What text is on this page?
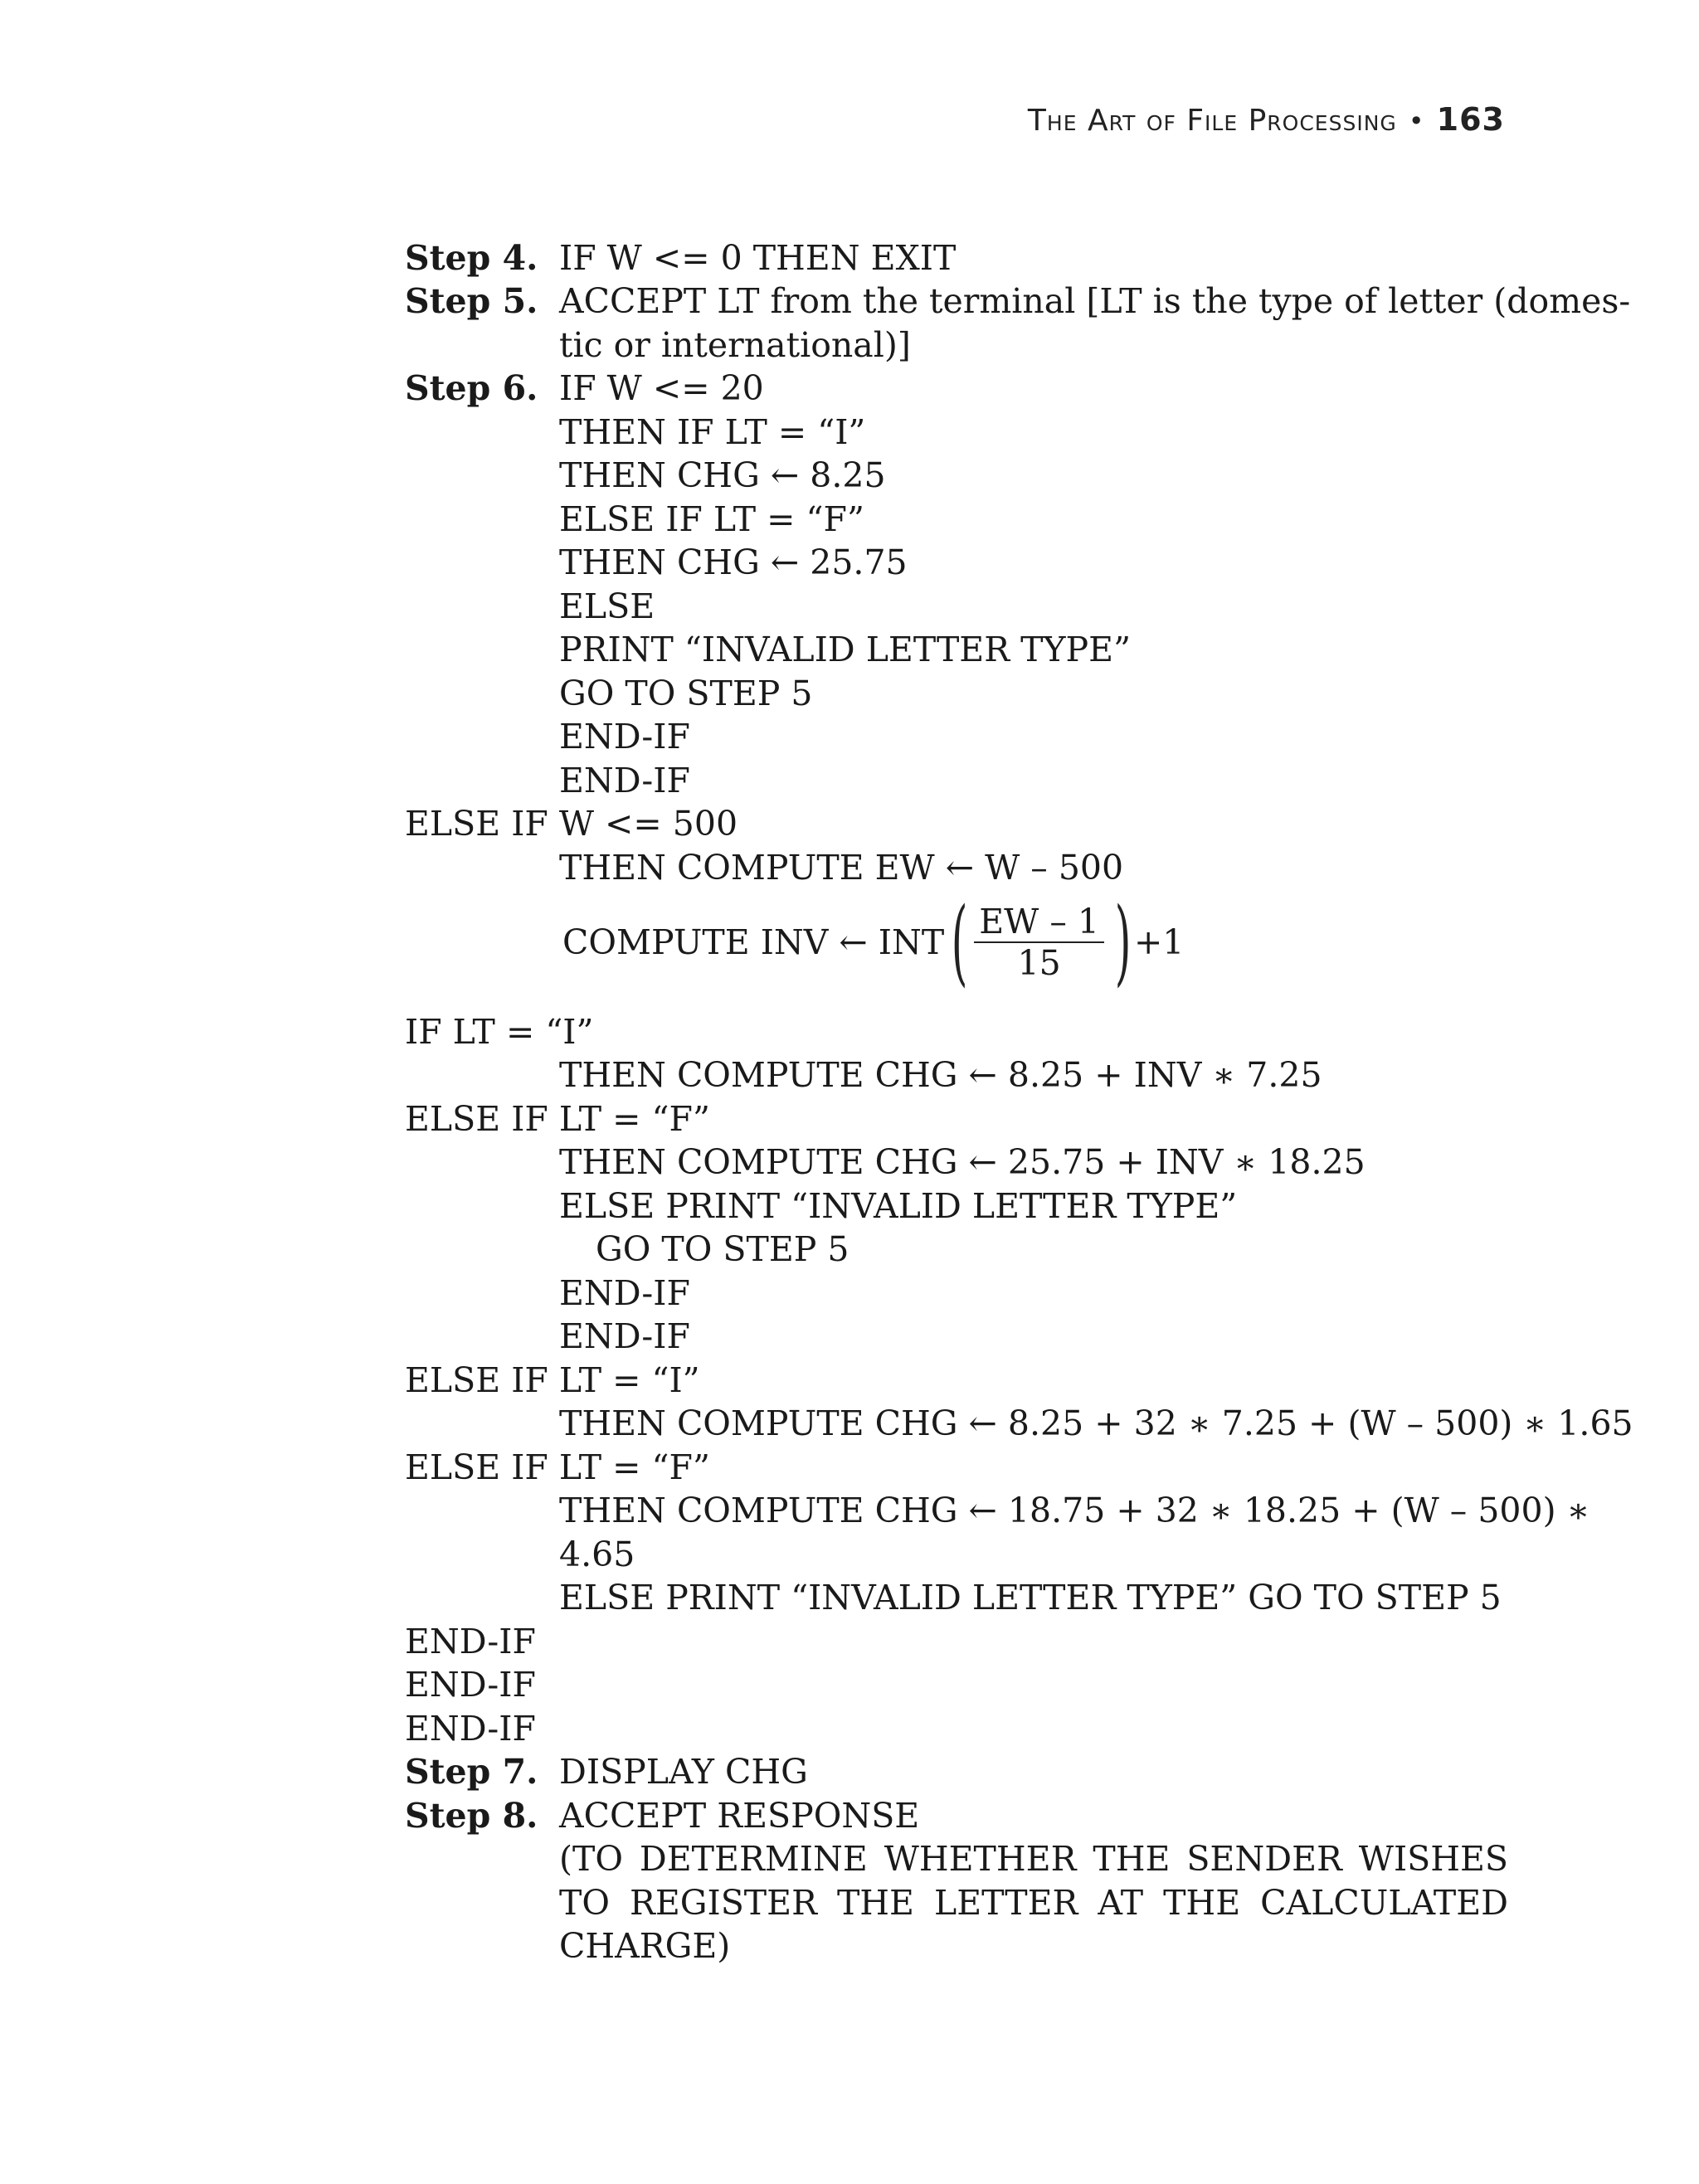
The Art of File Processing • 163
Step 4. IF W <= 0 THEN EXIT
Step 5. ACCEPT LT from the terminal [LT is the type of letter (domes-
tic or international)]
Step 6. IF W <= 20
THEN IF LT = “I”
THEN CHG ← 8.25
ELSE IF LT = “F”
THEN CHG ← 25.75
ELSE
PRINT “INVALID LETTER TYPE”
GO TO STEP 5
END-IF
END-IF
ELSE IF W <= 500
THEN COMPUTE EW ← W – 500
COMPUTE INV ← INT ( $\frac{EW - 1}{15}$ ) +1
IF LT = “I”
THEN COMPUTE CHG ← 8.25 + INV ∗ 7.25
ELSE IF LT = “F”
THEN COMPUTE CHG ← 25.75 + INV ∗ 18.25
ELSE PRINT “INVALID LETTER TYPE”
GO TO STEP 5
END-IF
END-IF
ELSE IF LT = “I”
THEN COMPUTE CHG ← 8.25 + 32 ∗ 7.25 + (W – 500) ∗ 1.65
ELSE IF LT = “F”
THEN COMPUTE CHG ← 18.75 + 32 ∗ 18.25 + (W – 500) ∗
4.65
ELSE PRINT “INVALID LETTER TYPE” GO TO STEP 5
END-IF
END-IF
END-IF
Step 7. DISPLAY CHG
Step 8. ACCEPT RESPONSE
(TO DETERMINE WHETHER THE SENDER WISHES
TO REGISTER THE LETTER AT THE CALCULATED
CHARGE)
